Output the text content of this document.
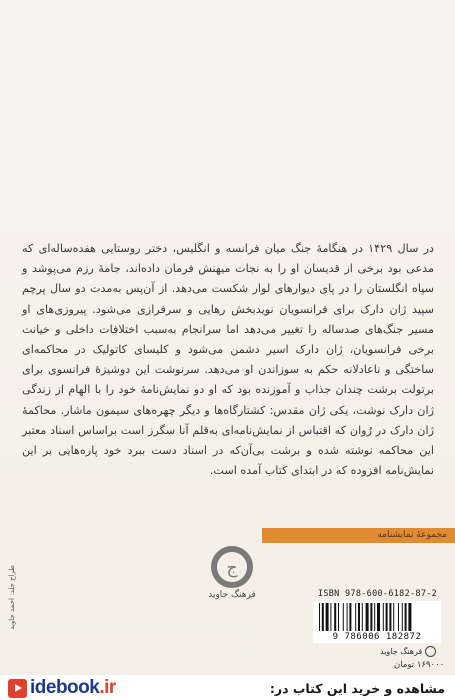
در سال ۱۴۲۹ در هنگامهٔ جنگ میان فرانسه و انگلیس، دختر روستایی هفده‌ساله‌ای که مدعی بود برخی از قدیسان او را به نجات میهنش فرمان داده‌اند، جامهٔ رزم می‌پوشد و سپاه انگلستان را در پای دیوارهای لوار شکست می‌دهد. از آن‌پس به‌مدت دو سال پرچم سپید ژان دارک برای فرانسویان نویدبخش رهایی و سرفرازی می‌شود. پیروزی‌های او مسیر جنگ‌های صدساله را تغییر می‌دهد اما سرانجام به‌سبب اختلافات داخلی و خیانت برخی فرانسویان، ژان دارک اسیر دشمن می‌شود و کلیسای کاتولیک در محاکمه‌ای ساختگی و ناعادلانه حکم به سوزاندن او می‌دهد. سرنوشت این دوشیزهٔ فرانسوی برای برتولت برشت چندان جذاب و آموزنده بود که او دو نمایش‌نامهٔ خود را با الهام از زندگی ژان دارک نوشت، یکی ژان مقدس: کشتارگاه‌ها و دیگر چهره‌های سیمون ماشار. محاکمهٔ ژان دارک در رُوان که اقتباس از نمایش‌نامه‌ای به‌قلم آنا سگرز است براساس اسناد معتبر این محاکمه نوشته شده و برشت بی‌آن‌که در اسناد دست ببرد خود پاره‌هایی بر این نمایش‌نامه افزوده که در ابتدای کتاب آمده است.
مجموعهٔ نمایشنامه
طراح جلد: احمد جاوید	ج
فرهنگ جاوید	ISBN 978-600-6182-87-2
9 786006 182872
فرهنگ جاوید
۱۶۹۰۰۰ تومان
idebook.ir	مشاهده و خرید این کتاب در:
